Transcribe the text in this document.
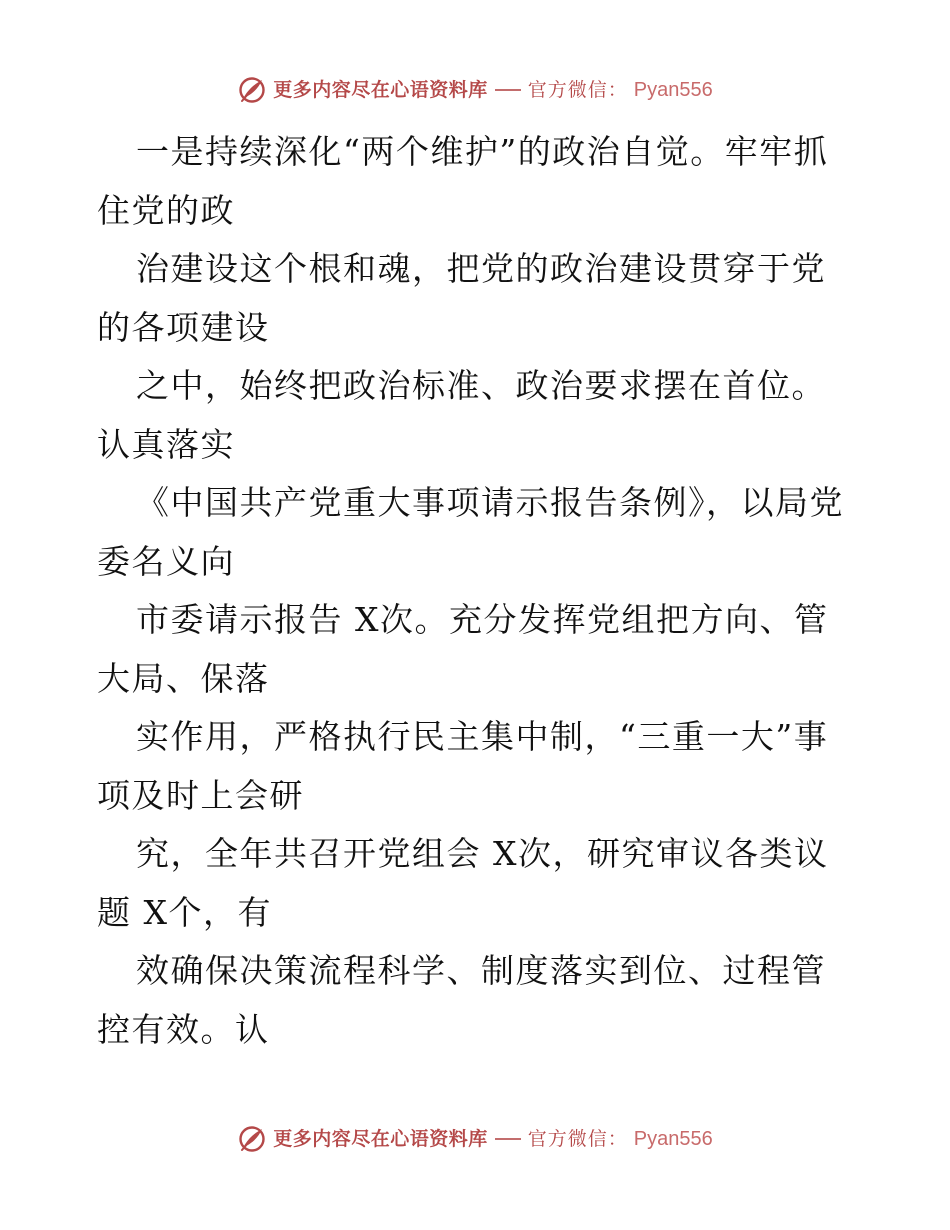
更多内容尽在心语资料库 官方微信： Pyan556

一是持续深化“两个维护”的政治自觉。牢牢抓住党的政

治建设这个根和魂，把党的政治建设贯穿于党的各项建设

之中，始终把政治标准、政治要求摆在首位。认真落实

《中国共产党重大事项请示报告条例》，以局党委名义向

市委请示报告 X次。充分发挥党组把方向、管大局、保落

实作用，严格执行民主集中制，“三重一大”事项及时上会研

究，全年共召开党组会 X次，研究审议各类议题 X个，有

效确保决策流程科学、制度落实到位、过程管控有效。认

更多内容尽在心语资料库 官方微信： Pyan556
